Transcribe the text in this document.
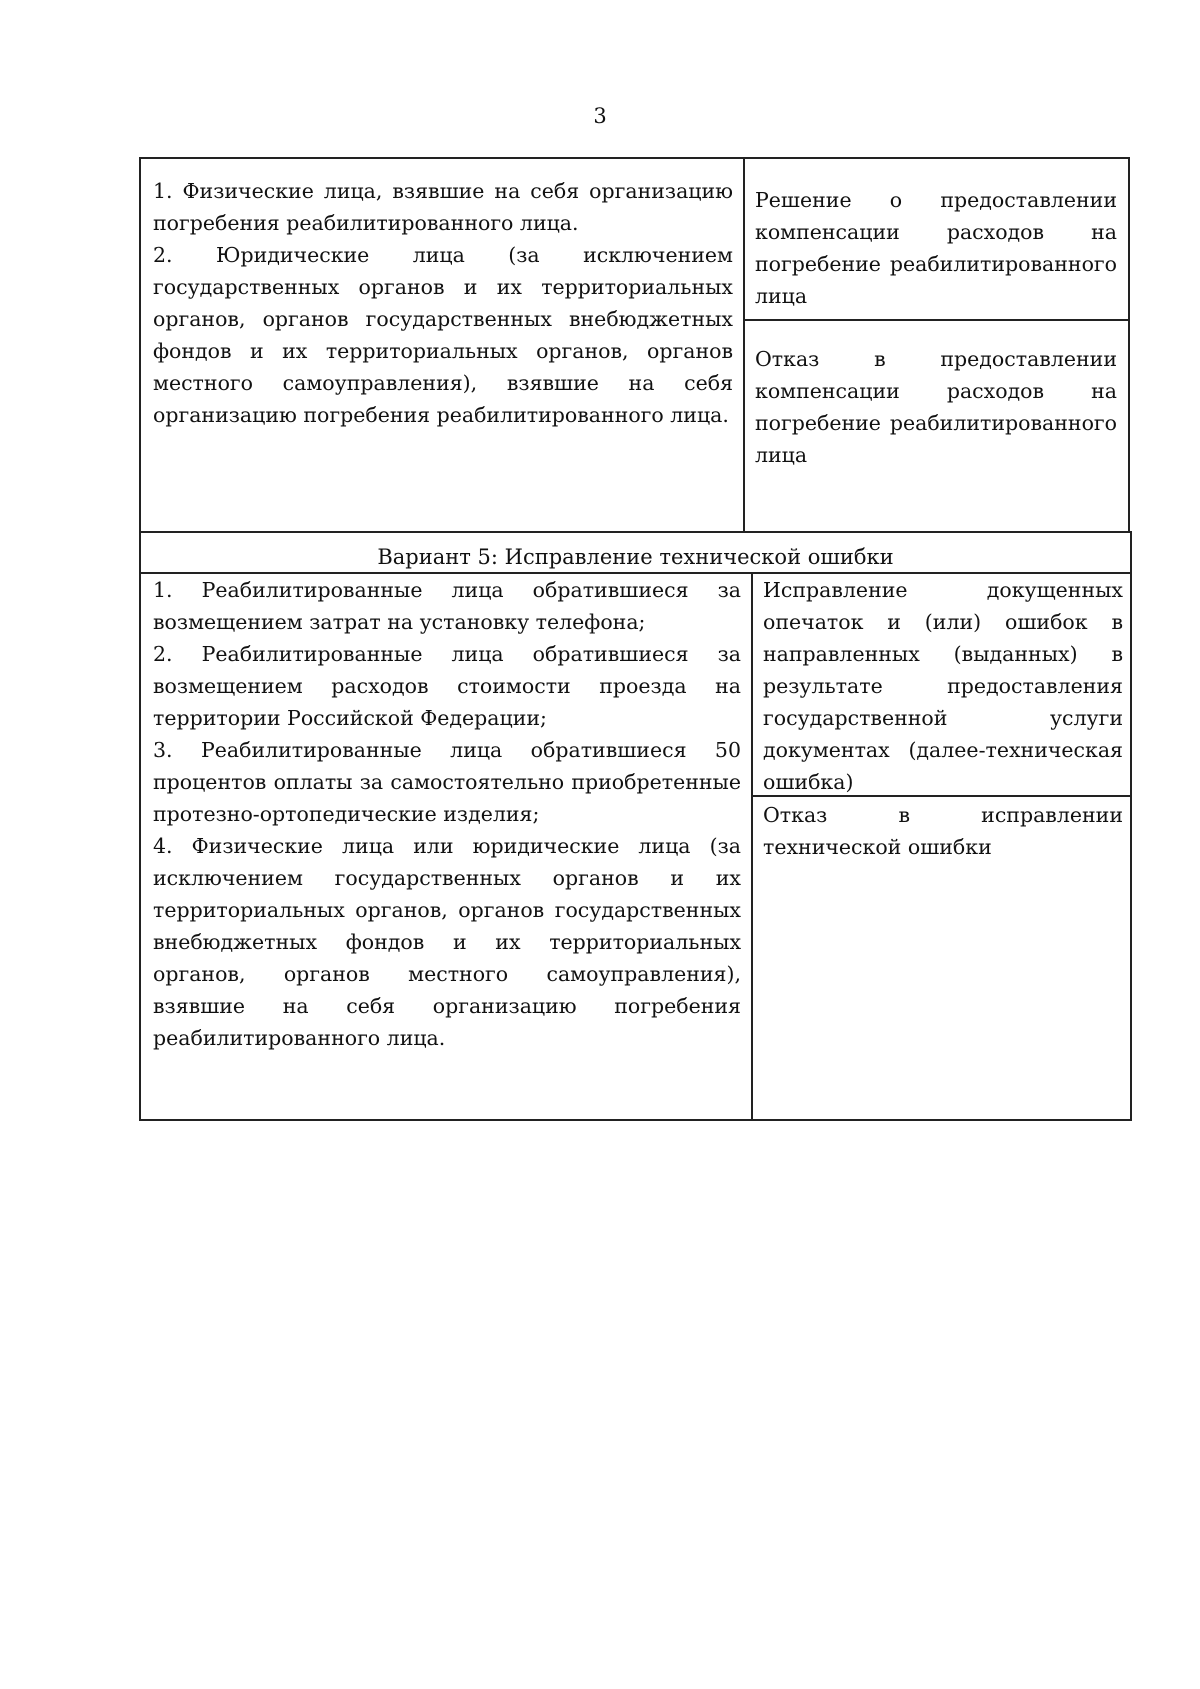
3

1. Физические лица, взявшие на себя организацию погребения реабилитированного лица.

2. Юридические лица (за исключением государственных органов и их территориальных органов, органов государственных внебюджетных фондов и их территориальных органов, органов местного самоуправления), взявшие на себя организацию погребения реабилитированного лица.

Решение о предоставлении компенсации расходов на погребение реабилитированного лица

Отказ в предоставлении компенсации расходов на погребение реабилитированного лица

Вариант 5: Исправление технической ошибки

1. Реабилитированные лица обратившиеся за возмещением затрат на установку телефона;

2. Реабилитированные лица обратившиеся за возмещением расходов стоимости проезда на территории Российской Федерации;

3. Реабилитированные лица обратившиеся 50 процентов оплаты за самостоятельно приобретенные протезно-ортопедические изделия;

4. Физические лица или юридические лица (за исключением государственных органов и их территориальных органов, органов государственных внебюджетных фондов и их территориальных органов, органов местного самоуправления), взявшие на себя организацию погребения реабилитированного лица.

Исправление докущенных опечаток и (или) ошибок в направленных (выданных) в результате предоставления государственной услуги документах (далее-техническая ошибка)

Отказ в исправлении технической ошибки
